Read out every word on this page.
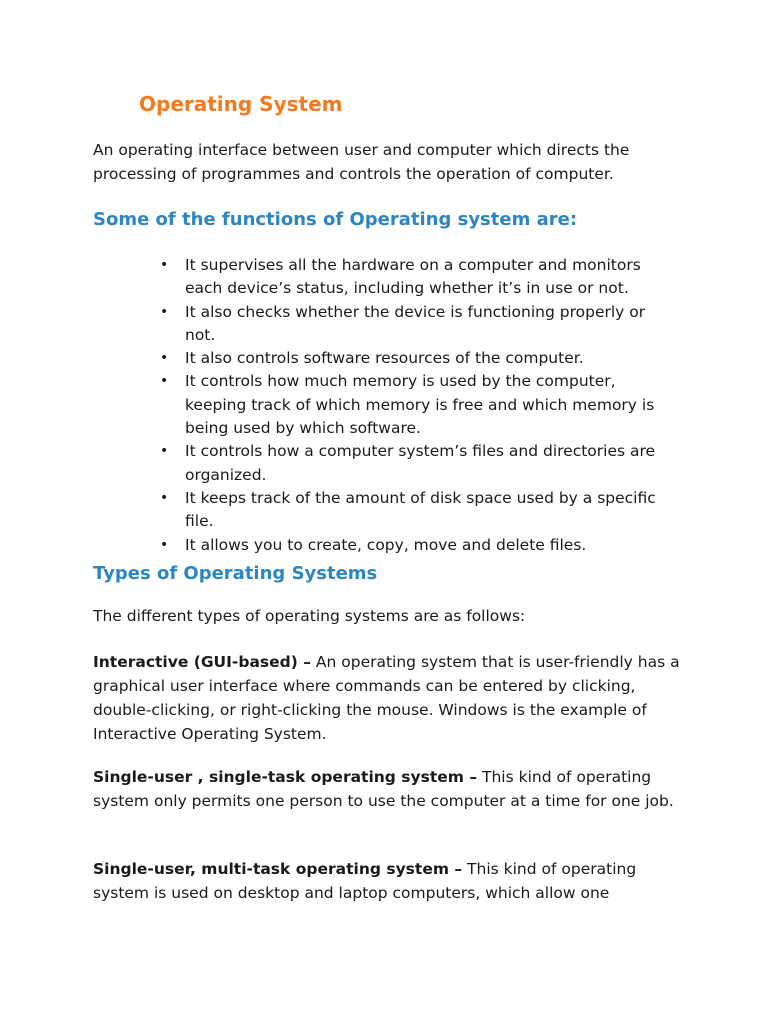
Operating System

An operating interface between user and computer which directs the processing of programmes and controls the operation of computer.

Some of the functions of Operating system are:
• It supervises all the hardware on a computer and monitors each device’s status, including whether it’s in use or not.
• It also checks whether the device is functioning properly or not.
• It also controls software resources of the computer.
• It controls how much memory is used by the computer, keeping track of which memory is free and which memory is being used by which software.
• It controls how a computer system’s files and directories are organized.
• It keeps track of the amount of disk space used by a specific file.
• It allows you to create, copy, move and delete files.
Types of Operating Systems

The different types of operating systems are as follows:

Interactive (GUI-based) – An operating system that is user-friendly has a graphical user interface where commands can be entered by clicking, double-clicking, or right-clicking the mouse. Windows is the example of Interactive Operating System.

Single-user , single-task operating system – This kind of operating system only permits one person to use the computer at a time for one job.

Single-user, multi-task operating system – This kind of operating system is used on desktop and laptop computers, which allow one
